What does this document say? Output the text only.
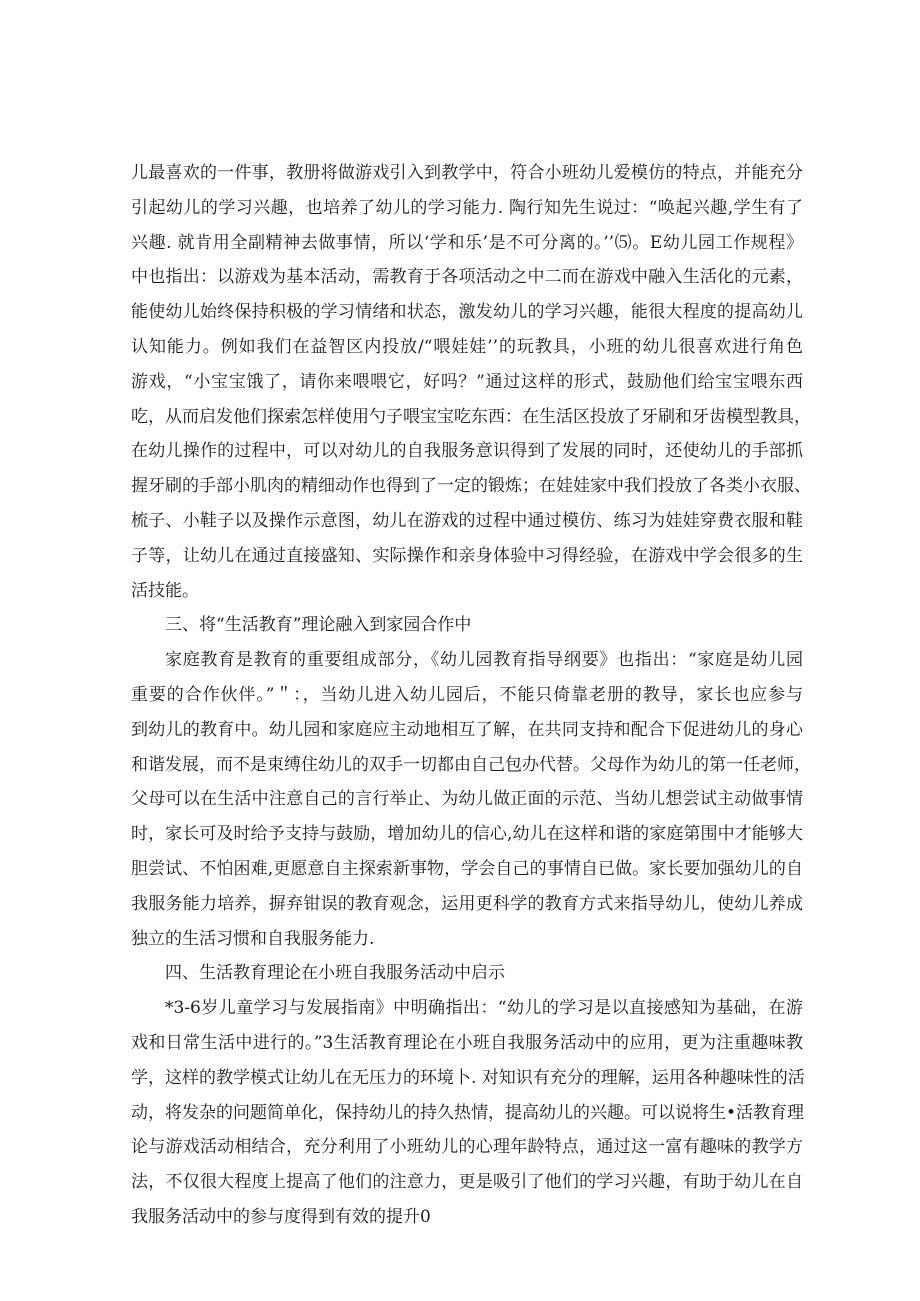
儿最喜欢的一件事，教册将做游戏引入到教学中，符合小班幼儿爱模仿的特点，并能充分
引起幼儿的学习兴趣，也培养了幼儿的学习能力. 陶行知先生说过：“唤起兴趣,学生有了
兴趣. 就肯用全副精神去做事情，所以‘学和乐’是不可分离的。’’⑸。E幼儿园工作规程》
中也指出：以游戏为基本活动，需教育于各项活动之中二而在游戏中融入生活化的元素，
能使幼儿始终保持积极的学习情绪和状态，激发幼儿的学习兴趣，能很大程度的提高幼儿
认知能力。例如我们在益智区内投放/“喂娃娃’’的玩教具，小班的幼儿很喜欢进行角色
游戏，“小宝宝饿了，请你来喂喂它，好吗？”通过这样的形式，鼓励他们给宝宝喂东西
吃，从而启发他们探索怎样使用勺子喂宝宝吃东西：在生活区投放了牙刷和牙齿模型教具，
在幼儿操作的过程中，可以对幼儿的自我服务意识得到了发展的同时，还使幼儿的手部抓
握牙刷的手部小肌肉的精细动作也得到了一定的锻炼；在娃娃家中我们投放了各类小衣服、
梳子、小鞋子以及操作示意图，幼儿在游戏的过程中通过模仿、练习为娃娃穿费衣服和鞋
子等，让幼儿在通过直接盛知、实际操作和亲身体验中习得经验，在游戏中学会很多的生
活技能。
三、将“生活教育”理论融入到家园合作中
家庭教育是教育的重要组成部分，《幼儿园教育指导纲要》也指出：“家庭是幼儿园
重要的合作伙伴。”＂：，当幼儿进入幼儿园后，不能只倚靠老册的教导，家长也应参与
到幼儿的教育中。幼儿园和家庭应主动地相互了解，在共同支持和配合下促进幼儿的身心
和谐发展，而不是束缚住幼儿的双手一切都由自己包办代替。父母作为幼儿的第一任老师，
父母可以在生活中注意自己的言行举止、为幼儿做正面的示范、当幼儿想尝试主动做事情
时，家长可及时给予支持与鼓励，增加幼儿的信心,幼儿在这样和谐的家庭第围中才能够大
胆尝试、不怕困难,更愿意自主探索新事物，学会自己的事情自已做。家长要加强幼儿的自
我服务能力培养，摒弃钳误的教育观念，运用更科学的教育方式来指导幼儿，使幼儿养成
独立的生活习惯和自我服务能力.
四、生活教育理论在小班自我服务活动中启示
*3-6岁儿童学习与发展指南》中明确指出：“幼儿的学习是以直接感知为基础，在游
戏和日常生活中进行的。”3生活教育理论在小班自我服务活动中的应用，更为注重趣味教
学，这样的教学模式让幼儿在无压力的环境卜. 对知识有充分的理解，运用各种趣味性的活
动，将发杂的问题简单化，保持幼儿的持久热情，提高幼儿的兴趣。可以说将生•活教育理
论与游戏活动相结合，充分利用了小班幼儿的心理年龄特点，通过这一富有趣味的教学方
法，不仅很大程度上提高了他们的注意力，更是吸引了他们的学习兴趣，有助于幼儿在自
我服务活动中的参与度得到有效的提升0
